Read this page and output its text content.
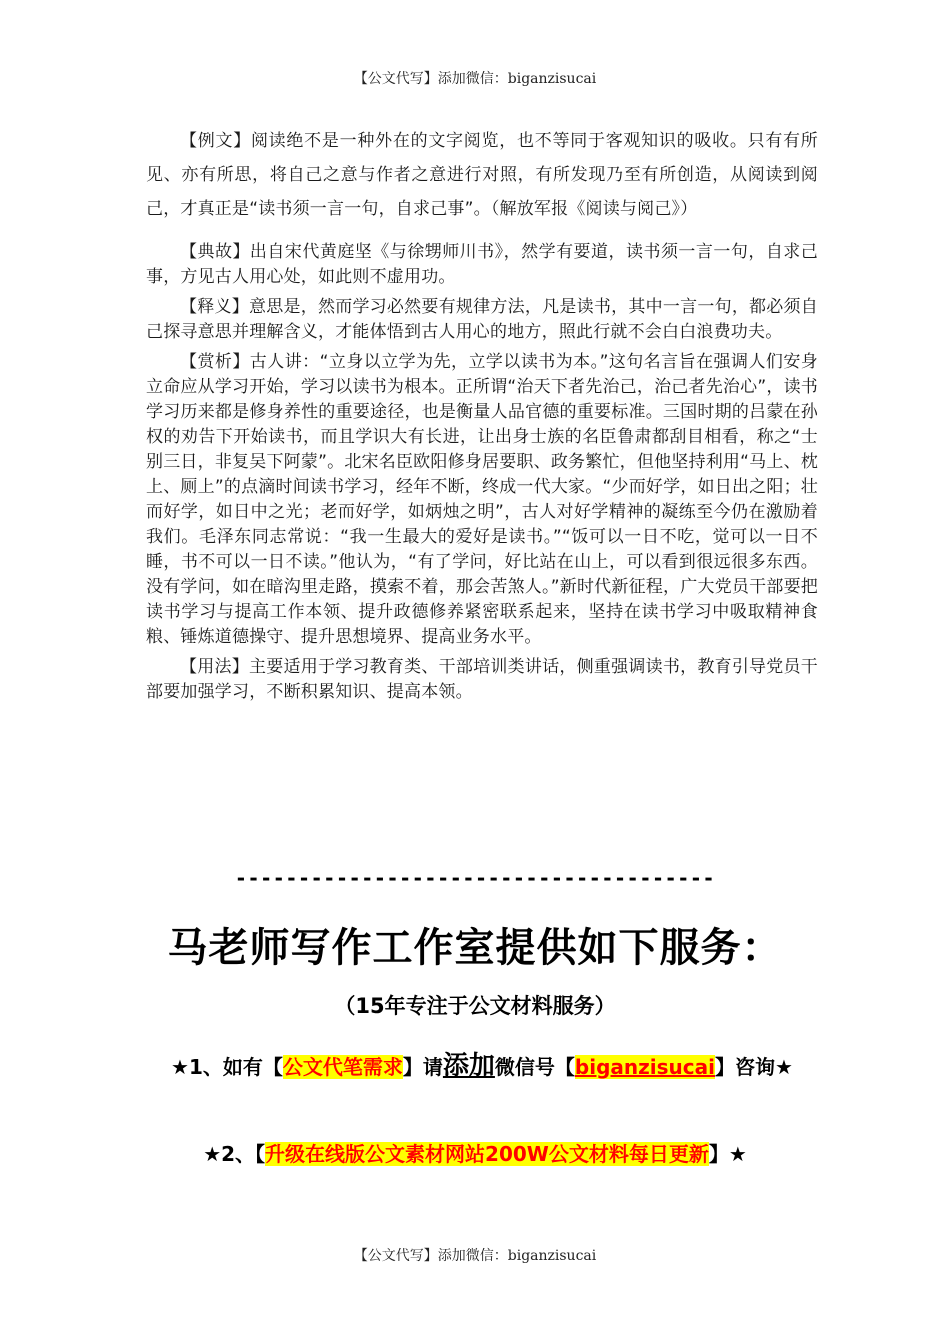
【公文代写】添加微信：biganzisucai

【例文】阅读绝不是一种外在的文字阅览，也不等同于客观知识的吸收。只有有所见、亦有所思，将自己之意与作者之意进行对照，有所发现乃至有所创造，从阅读到阅己，才真正是“读书须一言一句，自求己事”。（解放军报《阅读与阅己》）

【典故】出自宋代黄庭坚《与徐甥师川书》，然学有要道，读书须一言一句，自求己事，方见古人用心处，如此则不虚用功。

【释义】意思是，然而学习必然要有规律方法，凡是读书，其中一言一句，都必须自己探寻意思并理解含义，才能体悟到古人用心的地方，照此行就不会白白浪费功夫。

【赏析】古人讲：“立身以立学为先，立学以读书为本。”这句名言旨在强调人们安身立命应从学习开始，学习以读书为根本。正所谓“治天下者先治己，治己者先治心”，读书学习历来都是修身养性的重要途径，也是衡量人品官德的重要标准。三国时期的吕蒙在孙权的劝告下开始读书，而且学识大有长进，让出身士族的名臣鲁肃都刮目相看，称之“士别三日，非复吴下阿蒙”。北宋名臣欧阳修身居要职、政务繁忙，但他坚持利用“马上、枕上、厕上”的点滴时间读书学习，经年不断，终成一代大家。“少而好学，如日出之阳；壮而好学，如日中之光；老而好学，如炳烛之明”，古人对好学精神的凝练至今仍在激励着我们。毛泽东同志常说：“我一生最大的爱好是读书。”“饭可以一日不吃，觉可以一日不睡，书不可以一日不读。”他认为，“有了学问，好比站在山上，可以看到很远很多东西。没有学问，如在暗沟里走路，摸索不着，那会苦煞人。”新时代新征程，广大党员干部要把读书学习与提高工作本领、提升政德修养紧密联系起来，坚持在读书学习中吸取精神食粮、锤炼道德操守、提升思想境界、提高业务水平。

【用法】主要适用于学习教育类、干部培训类讲话，侧重强调读书，教育引导党员干部要加强学习，不断积累知识、提高本领。

--------------------------------------
马老师写作工作室提供如下服务：
（15年专注于公文材料服务）
★1、如有【公文代笔需求】请添加微信号【biganzisucai】咨询★
★2、【升级在线版公文素材网站200W公文材料每日更新】★
【公文代写】添加微信：biganzisucai
